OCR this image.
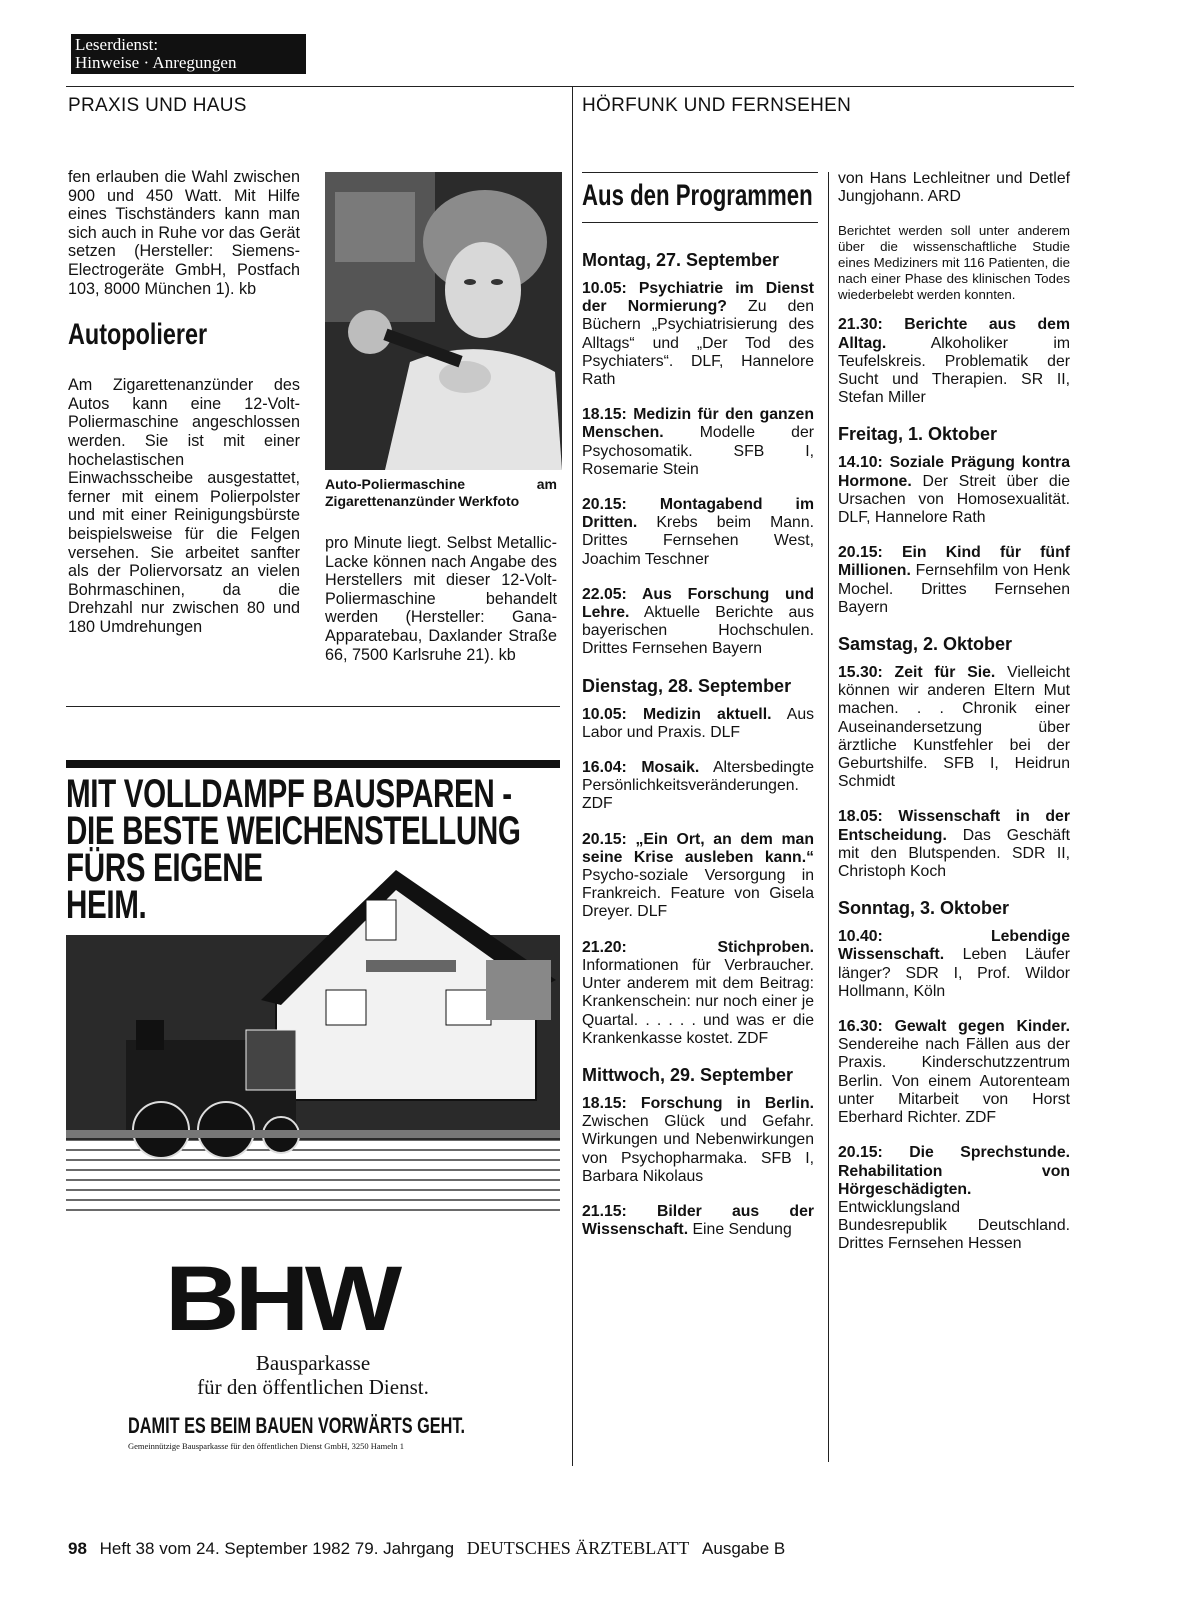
Leserdienst:
Hinweise · Anregungen
PRAXIS UND HAUS	HÖRFUNK UND FERNSEHEN

fen erlauben die Wahl zwischen 900 und 450 Watt. Mit Hilfe eines Tischständers kann man sich auch in Ruhe vor das Gerät setzen (Hersteller: Siemens-Electrogeräte GmbH, Postfach 103, 8000 München 1). kb

Autopolierer

Am Zigarettenanzünder des Autos kann eine 12-Volt-Poliermaschine angeschlossen werden. Sie ist mit einer hochelastischen Einwachsscheibe ausgestattet, ferner mit einem Polierpolster und mit einer Reinigungsbürste beispielsweise für die Felgen versehen. Sie arbeitet sanfter als der Poliervorsatz an vielen Bohrmaschinen, da die Drehzahl nur zwischen 80 und 180 Umdrehungen

Auto-Poliermaschine am Zigarettenanzünder Werkfoto

pro Minute liegt. Selbst Metallic-Lacke können nach Angabe des Herstellers mit dieser 12-Volt-Poliermaschine behandelt werden (Hersteller: Gana-Apparatebau, Daxlander Straße 66, 7500 Karlsruhe 21). kb

MIT VOLLDAMPF BAUSPAREN -
DIE BESTE WEICHENSTELLUNG
FÜRS EIGENE
HEIM.
BHW
Bausparkasse
für den öffentlichen Dienst.
DAMIT ES BEIM BAUEN VORWÄRTS GEHT.
Gemeinnützige Bausparkasse für den öffentlichen Dienst GmbH, 3250 Hameln 1
Aus den Programmen
Montag, 27. September

10.05: Psychiatrie im Dienst der Normierung? Zu den Büchern „Psychiatrisierung des Alltags“ und „Der Tod des Psychiaters“. DLF, Hannelore Rath

18.15: Medizin für den ganzen Menschen. Modelle der Psychosomatik. SFB I, Rosemarie Stein

20.15: Montagabend im Dritten. Krebs beim Mann. Drittes Fernsehen West, Joachim Teschner

22.05: Aus Forschung und Lehre. Aktuelle Berichte aus bayerischen Hochschulen. Drittes Fernsehen Bayern

Dienstag, 28. September

10.05: Medizin aktuell. Aus Labor und Praxis. DLF

16.04: Mosaik. Altersbedingte Persönlichkeitsveränderungen. ZDF

20.15: „Ein Ort, an dem man seine Krise ausleben kann.“ Psycho-soziale Versorgung in Frankreich. Feature von Gisela Dreyer. DLF

21.20: Stichproben. Informationen für Verbraucher. Unter anderem mit dem Beitrag: Krankenschein: nur noch einer je Quartal. . . . . . und was er die Krankenkasse kostet. ZDF

Mittwoch, 29. September

18.15: Forschung in Berlin. Zwischen Glück und Gefahr. Wirkungen und Nebenwirkungen von Psychopharmaka. SFB I, Barbara Nikolaus

21.15: Bilder aus der Wissenschaft. Eine Sendung

von Hans Lechleitner und Detlef Jungjohann. ARD

Berichtet werden soll unter anderem über die wissenschaftliche Studie eines Mediziners mit 116 Patienten, die nach einer Phase des klinischen Todes wiederbelebt werden konnten.

21.30: Berichte aus dem Alltag. Alkoholiker im Teufelskreis. Problematik der Sucht und Therapien. SR II, Stefan Miller

Freitag, 1. Oktober

14.10: Soziale Prägung kontra Hormone. Der Streit über die Ursachen von Homosexualität. DLF, Hannelore Rath

20.15: Ein Kind für fünf Millionen. Fernsehfilm von Henk Mochel. Drittes Fernsehen Bayern

Samstag, 2. Oktober

15.30: Zeit für Sie. Vielleicht können wir anderen Eltern Mut machen. . . Chronik einer Auseinandersetzung über ärztliche Kunstfehler bei der Geburtshilfe. SFB I, Heidrun Schmidt

18.05: Wissenschaft in der Entscheidung. Das Geschäft mit den Blutspenden. SDR II, Christoph Koch

Sonntag, 3. Oktober

10.40: Lebendige Wissenschaft. Leben Läufer länger? SDR I, Prof. Wildor Hollmann, Köln

16.30: Gewalt gegen Kinder. Sendereihe nach Fällen aus der Praxis. Kinderschutzzentrum Berlin. Von einem Autorenteam unter Mitarbeit von Horst Eberhard Richter. ZDF

20.15: Die Sprechstunde. Rehabilitation von Hörgeschädigten. Entwicklungsland Bundesrepublik Deutschland. Drittes Fernsehen Hessen

98 Heft 38 vom 24. September 1982 79. Jahrgang DEUTSCHES ÄRZTEBLATT Ausgabe B
